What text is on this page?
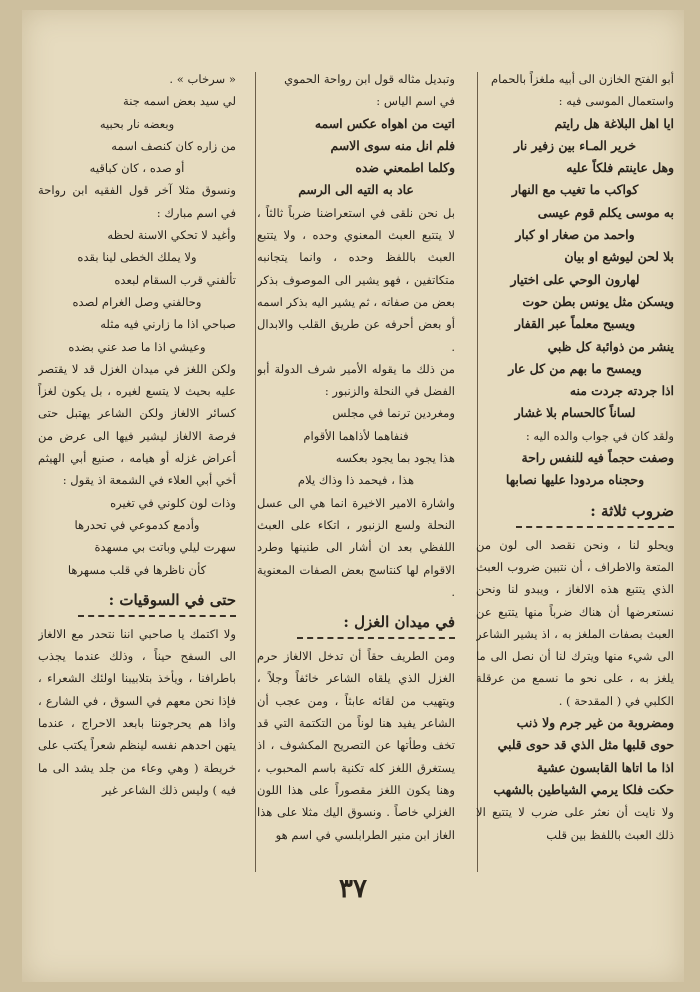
أبو الفتح الخازن الى أبيه ملغزاً بالحمام

واستعمال الموسى فيه :

ايا اهل البلاغة هل رايتم

خرير المـاء بين زفير نار

وهل عاينتم فلكاً عليه

كواكب ما تغيب مع النهار

به موسى يكلم قوم عيسى

واحمد من صغار او كبار

بلا لحن ليوشع او بيان

لهارون الوحي على اختيار

ويسكن مثل يونس بطن حوت

ويسبح معلماً عبر القفار

ينشر من ذوائبة كل ظبي

ويمسح ما بهم من كل عار

اذا جردته جردت منه

لساناً كالحسام بلا غشار

ولقد كان في جواب والده اليه :

وصفت حجماً فيه للنفس راحة

وحجناه مردودا عليها نصابها

ضروب ثلاثة :

ويحلو لنا ، ونحن نقصد الى لون من المتعة والاطراف ، أن نتبين ضروب العبث الذي يتتبع هذه الالغاز ، ويبدو لنا ونحن نستعرضها أن هناك ضرباً منها يتتبع عن العبث بصفات الملغز به ، اذ يشير الشاعر الى شيء منها ويترك لنا أن نصل الى ما يلغز به ، على نحو ما نسمع من عرقلة الكلبي في ( المقدحة ) .

ومضروبة من غير جرم ولا ذنب

حوى قلبها مثل الذي قد حوى قلبي

اذا ما اتاها القابسون عشية

حكت فلكا يرمي الشياطين بالشهب

ولا نايت أن نعثر على ضرب لا يتتبع الا ذلك العبث باللفظ بين قلب

وتبديل مثاله قول ابن رواحة الحموي

في اسم الياس :

اتيت من اهواه عكس اسمه

فلم انل منه سوى الاسم

وكلما اطمعني ضده

عاد به التيه الى الرسم

بل نحن نلقى في استعراضنا ضرباً ثالثاً ، لا يتتبع العبث المعنوي وحده ، ولا يتتبع العبث باللفظ وحده ، وانما يتجانبه متكاتفين ، فهو يشير الى الموصوف بذكر بعض من صفاته ، ثم يشير اليه بذكر اسمه أو بعض أحرفه عن طريق القلب والابدال .

من ذلك ما يقوله الأمير شرف الدولة أبو الفضل في النحلة والزنبور :

ومغردين ترنما في مجلس

فنفاهما لأذاهما الأقوام

هذا يجود بما يجود بعكسه

هذا ، فيحمد ذا وذاك يلام

واشارة الامير الاخيرة انما هي الى عسل النحلة ولسع الزنبور ، اتكاء على العبث اللفظي بعد ان أشار الى طنينها وطرد الاقوام لها كنتاسج بعض الصفات المعنوية .

في ميدان الغزل :

ومن الطريف حقاً أن تدخل الالغاز حرم الغزل الذي يلقاه الشاعر خائفاً وجلاً ، ويتهيب من لقائه عابثاً ، ومن عجب أن الشاعر يفيد هنا لوناً من التكتمة التي قد تخف وطأتها عن التصريح المكشوف ، اذ يستغرق اللغز كله تكنية باسم المحبوب ، وهنا يكون اللغز مقصوراً على هذا اللون الغزلي خاصاً . ونسوق اليك مثلا على هذا الغاز ابن منير الطرابلسي في اسم هو

« سرخاب » .

لي سيد بعض اسمه جنة

وبعضه نار بحبيه

من زاره كان كنصف اسمه

أو صده ، كان كباقيه

ونسوق مثلا آخر قول الفقيه ابن رواحة في اسم مبارك :

وأغيد لا تحكي الاسنة لحظه

ولا يملك الخطى لينا بقده

تألفني قرب السقام لبعده

وحالفني وصل الغرام لصده

صباحي اذا ما زارني فيه مثله

وعيشي اذا ما صد عني بضده

ولكن اللغز في ميدان الغزل قد لا يقتصر عليه بحيث لا يتسع لغيره ، بل يكون لغزاً كسائر الالغاز ولكن الشاعر يهتبل حتى فرصة الالغاز ليشير فيها الى عرض من أعراض غزله أو هيامه ، صنيع أبي الهيثم أخي أبي العلاء في الشمعة اذ يقول :

وذات لون كلوني في تغيره

وأدمع كدموعي في تحدرها

سهرت ليلي وباتت بي مسهدة

كأن ناظرها في قلب مسهرها

حتى في السوقيات :

ولا اكتمك يا صاحبي اننا نتحدر مع الالغاز الى السفح حيناً ، وذلك عندما يجذب باطرافنا ، ويأخذ بتلابيبنا اولئك الشعراء ، فإذا نحن معهم في السوق ، في الشارع ، واذا هم يحرجوننا بابعد الاحراج ، عندما يتهن احدهم نفسه لينظم شعراً يكتب على خريطة ( وهي وعاء من جلد يشد الى ما فيه ) وليس ذلك الشاعر غير

٣٧
